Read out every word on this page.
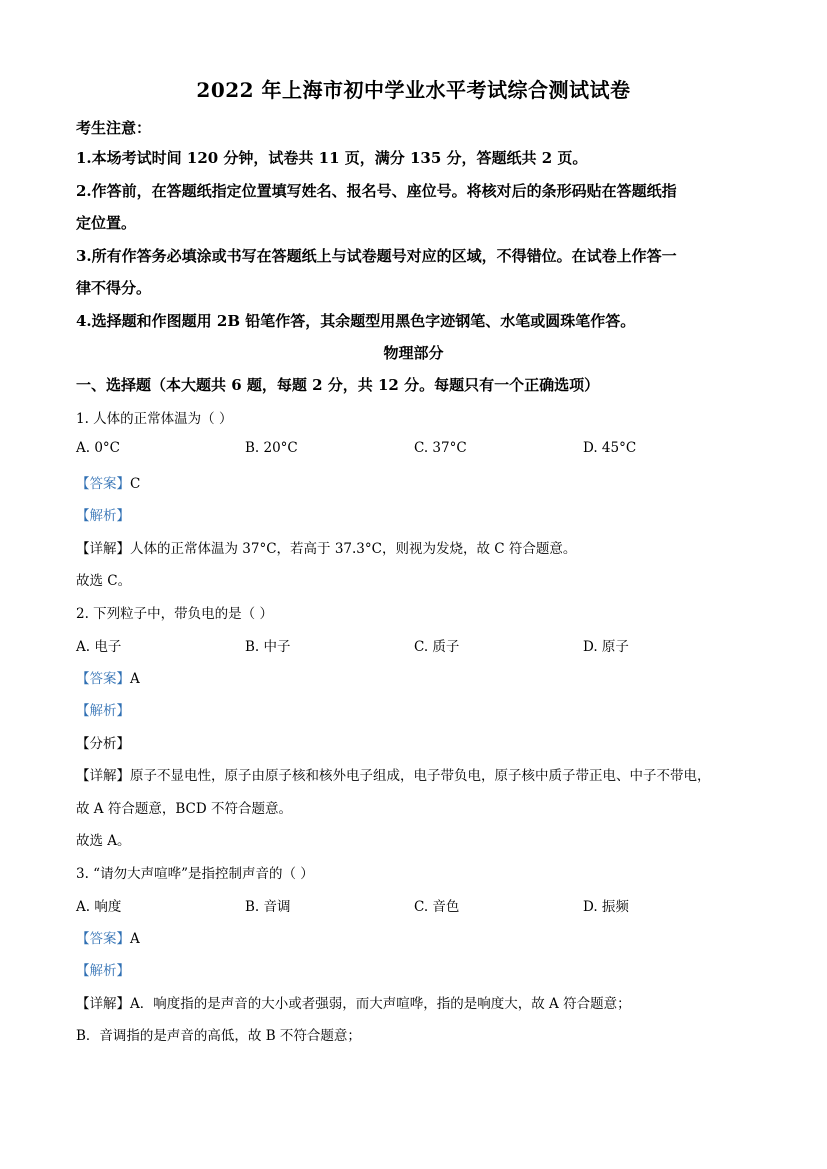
2022 年上海市初中学业水平考试综合测试试卷
考生注意：
1.本场考试时间 120 分钟，试卷共 11 页，满分 135 分，答题纸共 2 页。
2.作答前，在答题纸指定位置填写姓名、报名号、座位号。将核对后的条形码贴在答题纸指
定位置。
3.所有作答务必填涂或书写在答题纸上与试卷题号对应的区域，不得错位。在试卷上作答一
律不得分。
4.选择题和作图题用 2B 铅笔作答，其余题型用黑色字迹钢笔、水笔或圆珠笔作答。
物理部分
一、选择题（本大题共 6 题，每题 2 分，共 12 分。每题只有一个正确选项）
1. 人体的正常体温为（ ）
A. 0°C	B. 20°C	C. 37°C	D. 45°C
【答案】C
【解析】
【详解】人体的正常体温为 37°C，若高于 37.3°C，则视为发烧，故 C 符合题意。
故选 C。
2. 下列粒子中，带负电的是（ ）
A. 电子	B. 中子	C. 质子	D. 原子
【答案】A
【解析】
【分析】
【详解】原子不显电性，原子由原子核和核外电子组成，电子带负电，原子核中质子带正电、中子不带电，
故 A 符合题意，BCD 不符合题意。
故选 A。
3. “请勿大声喧哗”是指控制声音的（ ）
A. 响度	B. 音调	C. 音色	D. 振频
【答案】A
【解析】
【详解】A．响度指的是声音的大小或者强弱，而大声喧哗，指的是响度大，故 A 符合题意；
B．音调指的是声音的高低，故 B 不符合题意；
